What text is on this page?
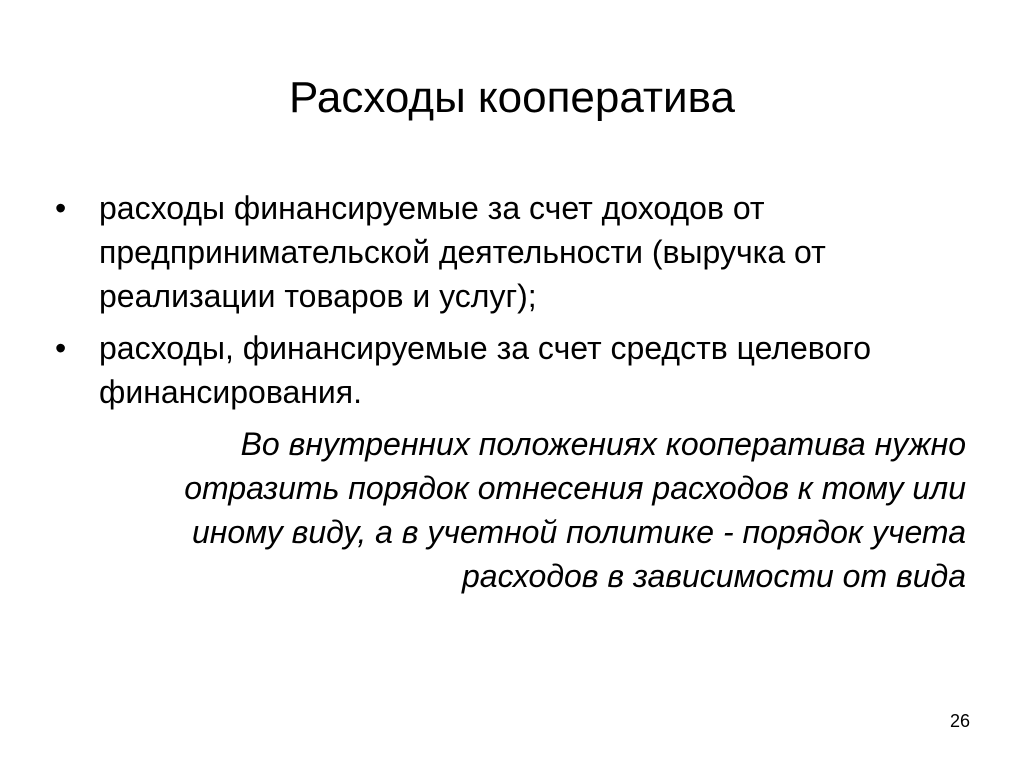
Расходы кооператива
•	расходы финансируемые за счет доходов от предпринимательской деятельности (выручка от реализации товаров и услуг);
•	расходы, финансируемые за счет средств целевого финансирования.

Во внутренних положениях кооператива нужно отразить порядок отнесения расходов к тому или иному виду, а в учетной политике - порядок учета расходов в зависимости от вида

26
